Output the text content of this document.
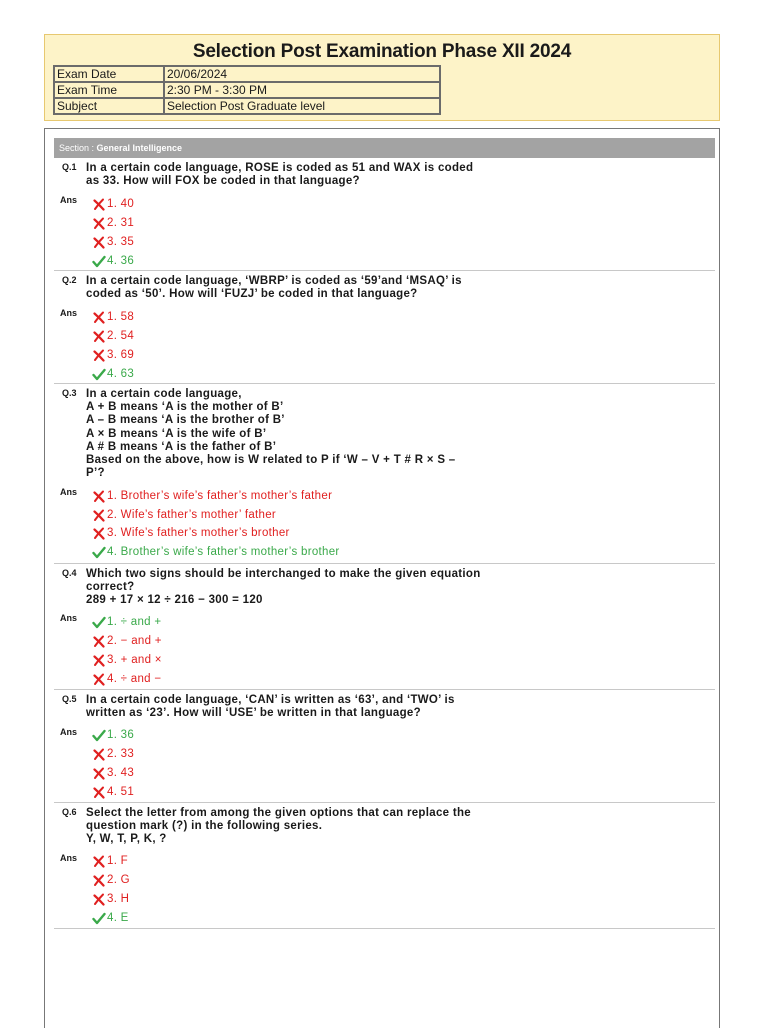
Selection Post Examination Phase XII 2024
Exam Date	20/06/2024
Exam Time	2:30 PM - 3:30 PM
Subject	Selection Post Graduate level
Section : General Intelligence
Q.1 In a certain code language, ROSE is coded as 51 and WAX is coded
as 33. How will FOX be coded in that language?
Ans	1. 40
2. 31
3. 35
4. 36
Q.2 In a certain code language, ‘WBRP’ is coded as ‘59’and ‘MSAQ’ is
coded as ‘50’. How will ‘FUZJ’ be coded in that language?
Ans	1. 58
2. 54
3. 69
4. 63
Q.3 In a certain code language,
A + B means ‘A is the mother of B’
A – B means ‘A is the brother of B’
A × B means ‘A is the wife of B’
A # B means ‘A is the father of B’
Based on the above, how is W related to P if ‘W – V + T # R × S –
P’?
Ans	1. Brother’s wife’s father’s mother’s father
2. Wife’s father’s mother’ father
3. Wife’s father’s mother’s brother
4. Brother’s wife’s father’s mother’s brother
Q.4 Which two signs should be interchanged to make the given equation
correct?
289 + 17 × 12 ÷ 216 − 300 = 120
Ans	1. ÷ and +
2. − and +
3. + and ×
4. ÷ and −
Q.5 In a certain code language, ‘CAN’ is written as ‘63’, and ‘TWO’ is
written as ‘23’. How will ‘USE’ be written in that language?
Ans	1. 36
2. 33
3. 43
4. 51
Q.6 Select the letter from among the given options that can replace the
question mark (?) in the following series.
Y, W, T, P, K, ?
Ans	1. F
2. G
3. H
4. E
